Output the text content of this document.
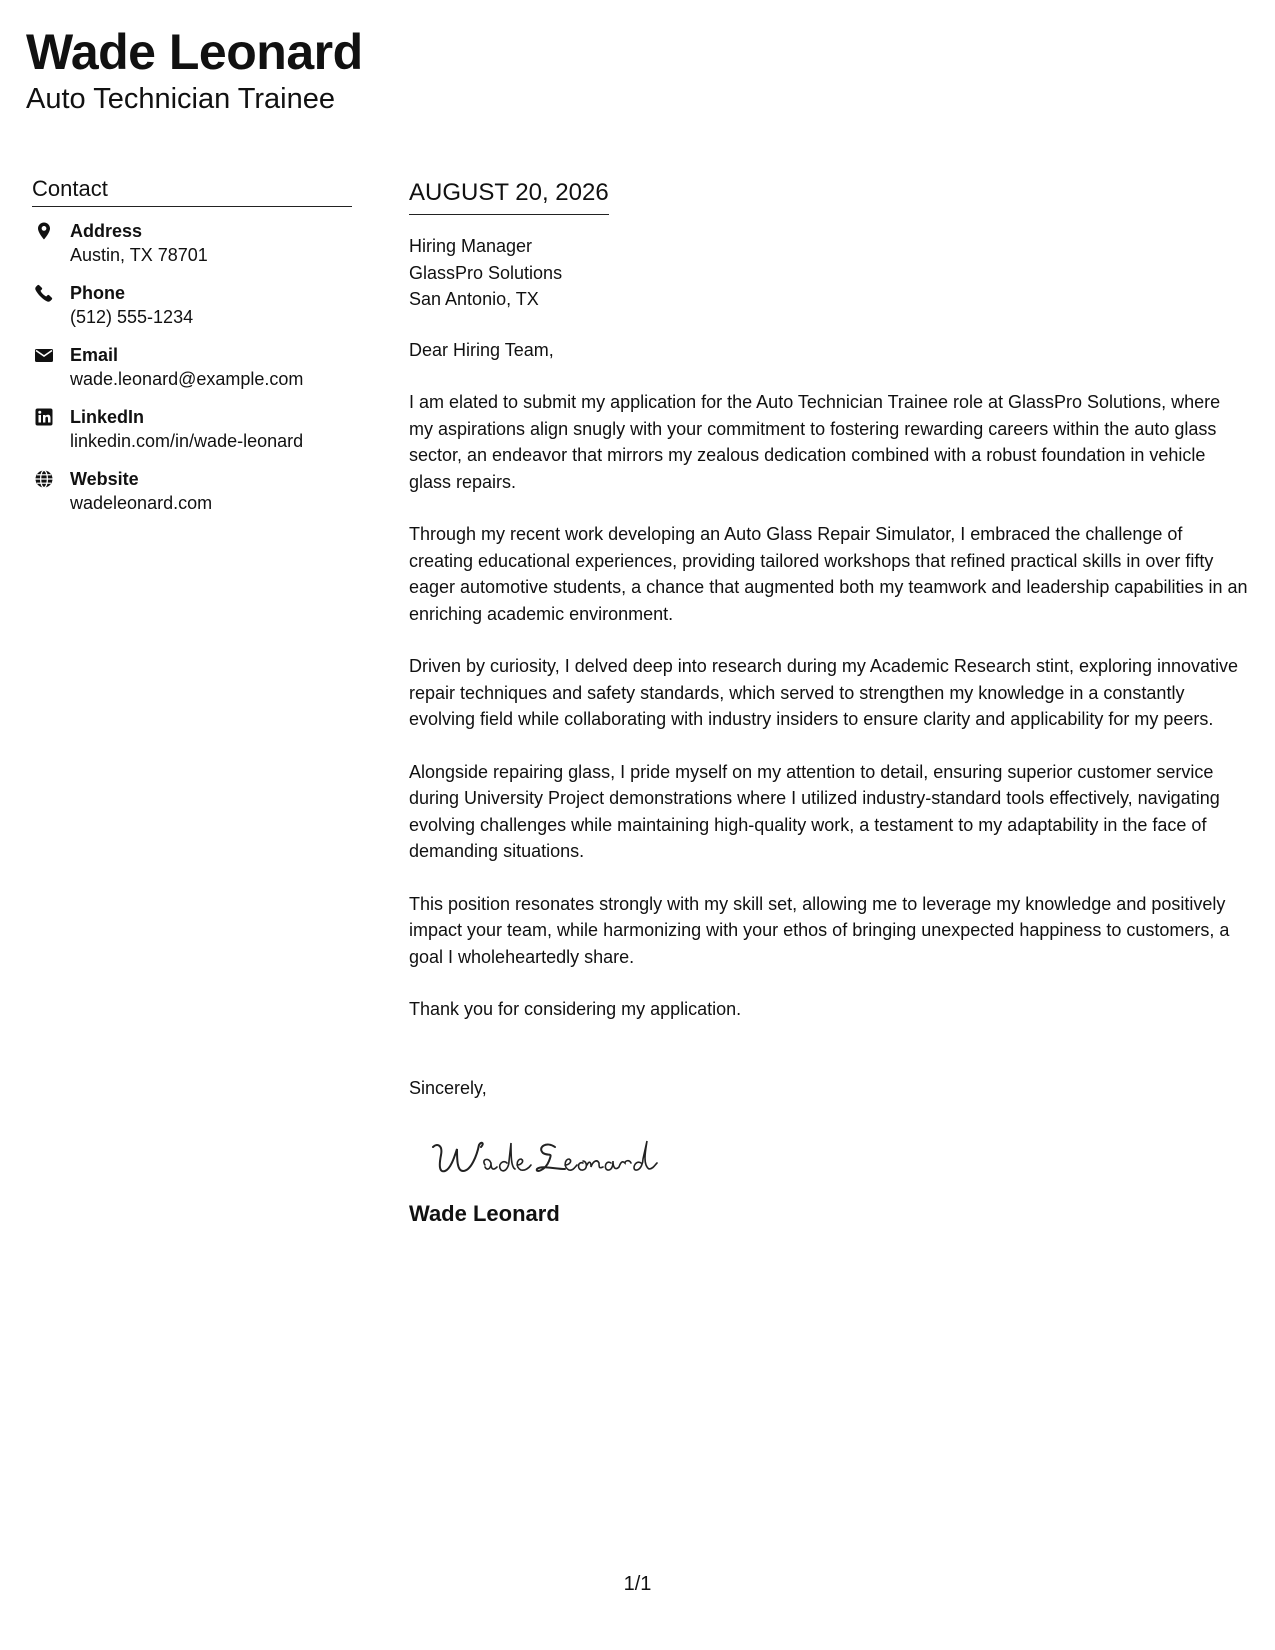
Wade Leonard
Auto Technician Trainee
Contact
Address
Austin, TX 78701
Phone
(512) 555-1234
Email
wade.leonard@example.com
LinkedIn
linkedin.com/in/wade-leonard
Website
wadeleonard.com
AUGUST 20, 2026
Hiring Manager
GlassPro Solutions
San Antonio, TX

Dear Hiring Team,

I am elated to submit my application for the Auto Technician Trainee role at GlassPro Solutions, where my aspirations align snugly with your commitment to fostering rewarding careers within the auto glass sector, an endeavor that mirrors my zealous dedication combined with a robust foundation in vehicle glass repairs.

Through my recent work developing an Auto Glass Repair Simulator, I embraced the challenge of creating educational experiences, providing tailored workshops that refined practical skills in over fifty eager automotive students, a chance that augmented both my teamwork and leadership capabilities in an enriching academic environment.

Driven by curiosity, I delved deep into research during my Academic Research stint, exploring innovative repair techniques and safety standards, which served to strengthen my knowledge in a constantly evolving field while collaborating with industry insiders to ensure clarity and applicability for my peers.

Alongside repairing glass, I pride myself on my attention to detail, ensuring superior customer service during University Project demonstrations where I utilized industry-standard tools effectively, navigating evolving challenges while maintaining high-quality work, a testament to my adaptability in the face of demanding situations.

This position resonates strongly with my skill set, allowing me to leverage my knowledge and positively impact your team, while harmonizing with your ethos of bringing unexpected happiness to customers, a goal I wholeheartedly share.

Thank you for considering my application.

Sincerely,

Wade Leonard

1/1
